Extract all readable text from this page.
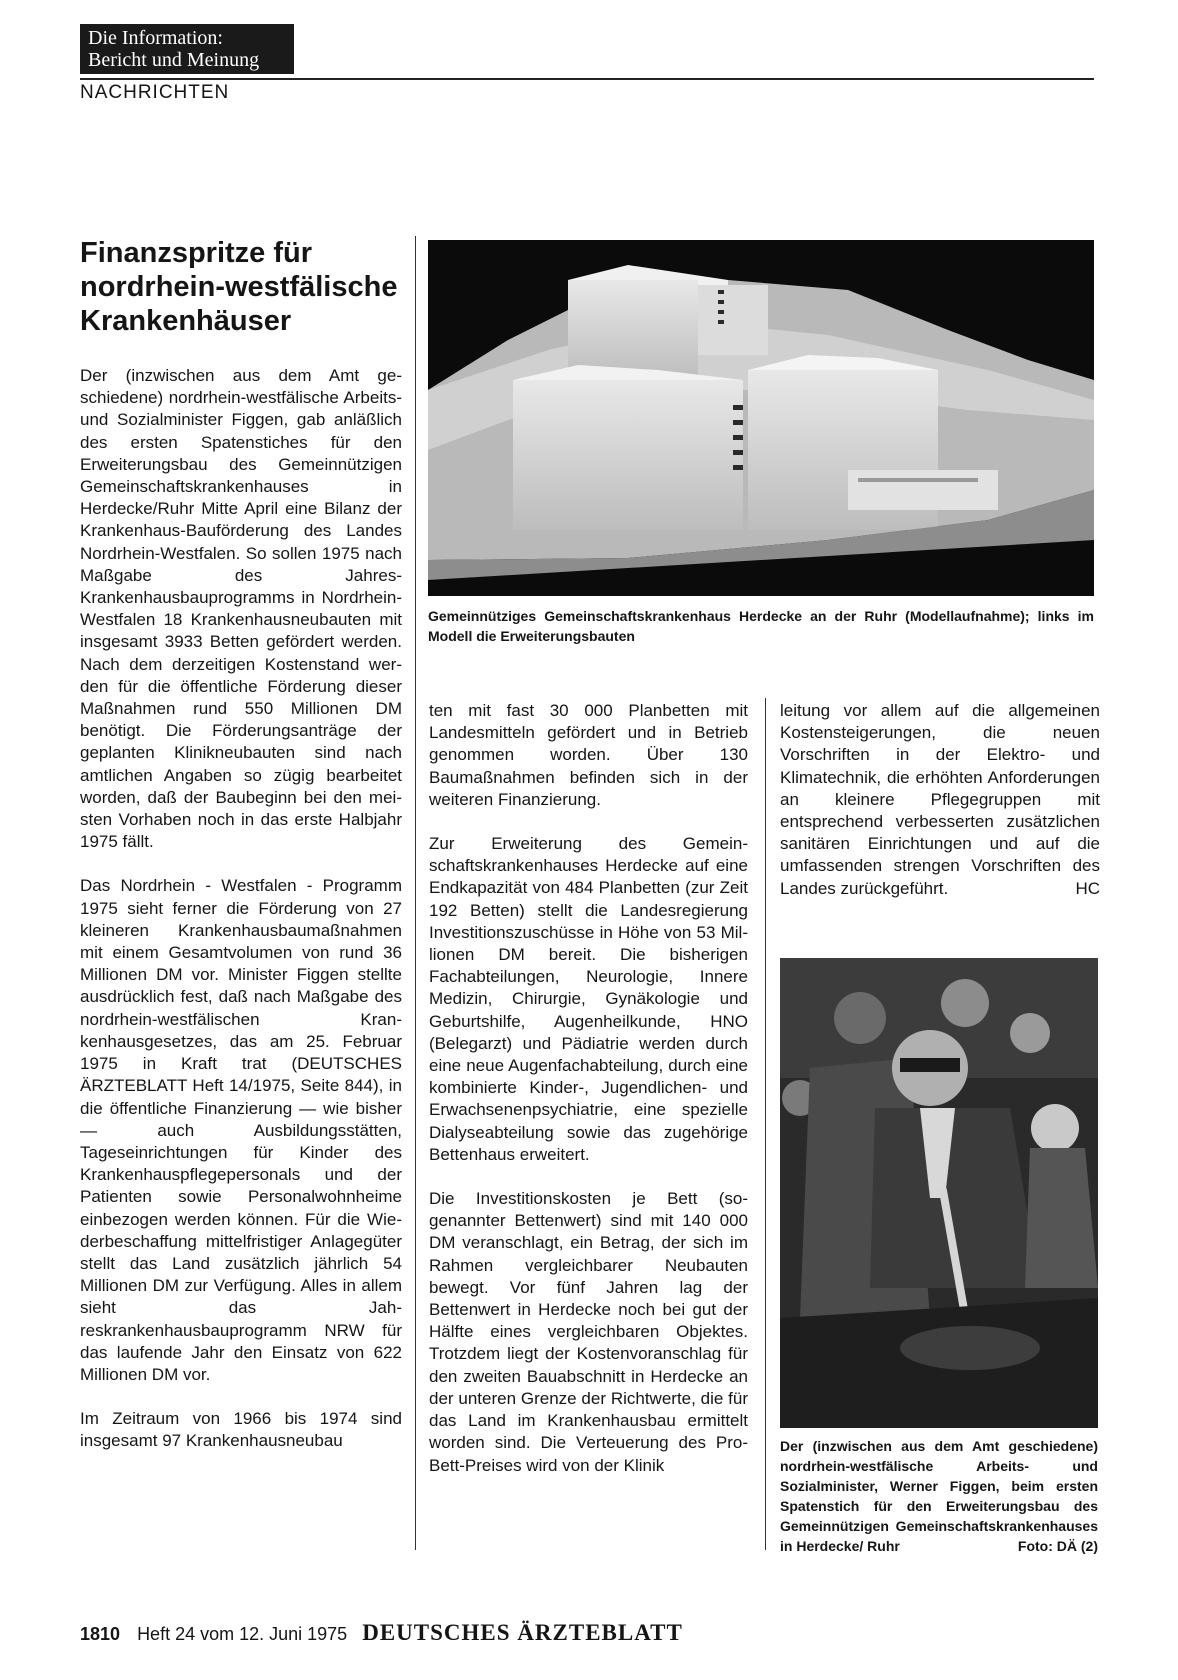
Die Information:
Bericht und Meinung
NACHRICHTEN
Finanzspritze für
nordrhein-westfälische
Krankenhäuser

Der (inzwischen aus dem Amt geschiedene) nordrhein-westfälische Arbeits- und Sozialminister Figgen, gab anläßlich des ersten Spatenstiches für den Erweiterungsbau des Gemeinnützigen Gemeinschaftskrankenhauses in Herdecke/Ruhr Mitte April eine Bilanz der Krankenhaus-Bauförderung des Landes Nordrhein-Westfalen. So sollen 1975 nach Maßgabe des Jahres-Krankenhausbauprogramms in Nordrhein-Westfalen 18 Krankenhausneubauten mit insgesamt 3933 Betten gefördert werden. Nach dem derzeitigen Kostenstand werden für die öffentliche Förderung dieser Maßnahmen rund 550 Millionen DM benötigt. Die Förderungsanträge der geplanten Klinikneubauten sind nach amtlichen Angaben so zügig bearbeitet worden, daß der Baubeginn bei den meisten Vorhaben noch in das erste Halbjahr 1975 fällt.

Das Nordrhein - Westfalen - Programm 1975 sieht ferner die Förderung von 27 kleineren Krankenhausbaumaßnahmen mit einem Gesamtvolumen von rund 36 Millionen DM vor. Minister Figgen stellte ausdrücklich fest, daß nach Maßgabe des nordrhein-westfälischen Krankenhausgesetzes, das am 25. Februar 1975 in Kraft trat (DEUTSCHES ÄRZTEBLATT Heft 14/1975, Seite 844), in die öffentliche Finanzierung — wie bisher — auch Ausbildungsstätten, Tageseinrichtungen für Kinder des Krankenhauspflegepersonals und der Patienten sowie Personalwohnheime einbezogen werden können. Für die Wiederbeschaffung mittelfristiger Anlagegüter stellt das Land zusätzlich jährlich 54 Millionen DM zur Verfügung. Alles in allem sieht das Jahreskrankenhausbauprogramm NRW für das laufende Jahr den Einsatz von 622 Millionen DM vor.

Im Zeitraum von 1966 bis 1974 sind insgesamt 97 Krankenhausneubau

Gemeinnütziges Gemeinschaftskrankenhaus Herdecke an der Ruhr (Modellaufnahme); links im Modell die Erweiterungsbauten

ten mit fast 30 000 Planbetten mit Landesmitteln gefördert und in Betrieb genommen worden. Über 130 Baumaßnahmen befinden sich in der weiteren Finanzierung.

Zur Erweiterung des Gemeinschaftskrankenhauses Herdecke auf eine Endkapazität von 484 Planbetten (zur Zeit 192 Betten) stellt die Landesregierung Investitionszuschüsse in Höhe von 53 Millionen DM bereit. Die bisherigen Fachabteilungen, Neurologie, Innere Medizin, Chirurgie, Gynäkologie und Geburtshilfe, Augenheilkunde, HNO (Belegarzt) und Pädiatrie werden durch eine neue Augenfachabteilung, durch eine kombinierte Kinder-, Jugendlichen- und Erwachsenenpsychiatrie, eine spezielle Dialyseabteilung sowie das zugehörige Bettenhaus erweitert.

Die Investitionskosten je Bett (sogenannter Bettenwert) sind mit 140 000 DM veranschlagt, ein Betrag, der sich im Rahmen vergleichbarer Neubauten bewegt. Vor fünf Jahren lag der Bettenwert in Herdecke noch bei gut der Hälfte eines vergleichbaren Objektes. Trotzdem liegt der Kostenvoranschlag für den zweiten Bauabschnitt in Herdecke an der unteren Grenze der Richtwerte, die für das Land im Krankenhausbau ermittelt worden sind. Die Verteuerung des Pro-Bett-Preises wird von der Klinik

leitung vor allem auf die allgemeinen Kostensteigerungen, die neuen Vorschriften in der Elektro- und Klimatechnik, die erhöhten Anforderungen an kleinere Pflegegruppen mit entsprechend verbesserten zusätzlichen sanitären Einrichtungen und auf die umfassenden strengen Vorschriften des Landes zurückgeführt.	HC

Der (inzwischen aus dem Amt geschiedene) nordrhein-westfälische Arbeits- und Sozialminister, Werner Figgen, beim ersten Spatenstich für den Erweiterungsbau des Gemeinnützigen Gemeinschaftskrankenhauses in Herdecke/ Ruhr	Foto: DÄ (2)
1810 Heft 24 vom 12. Juni 1975 DEUTSCHES ÄRZTEBLATT
